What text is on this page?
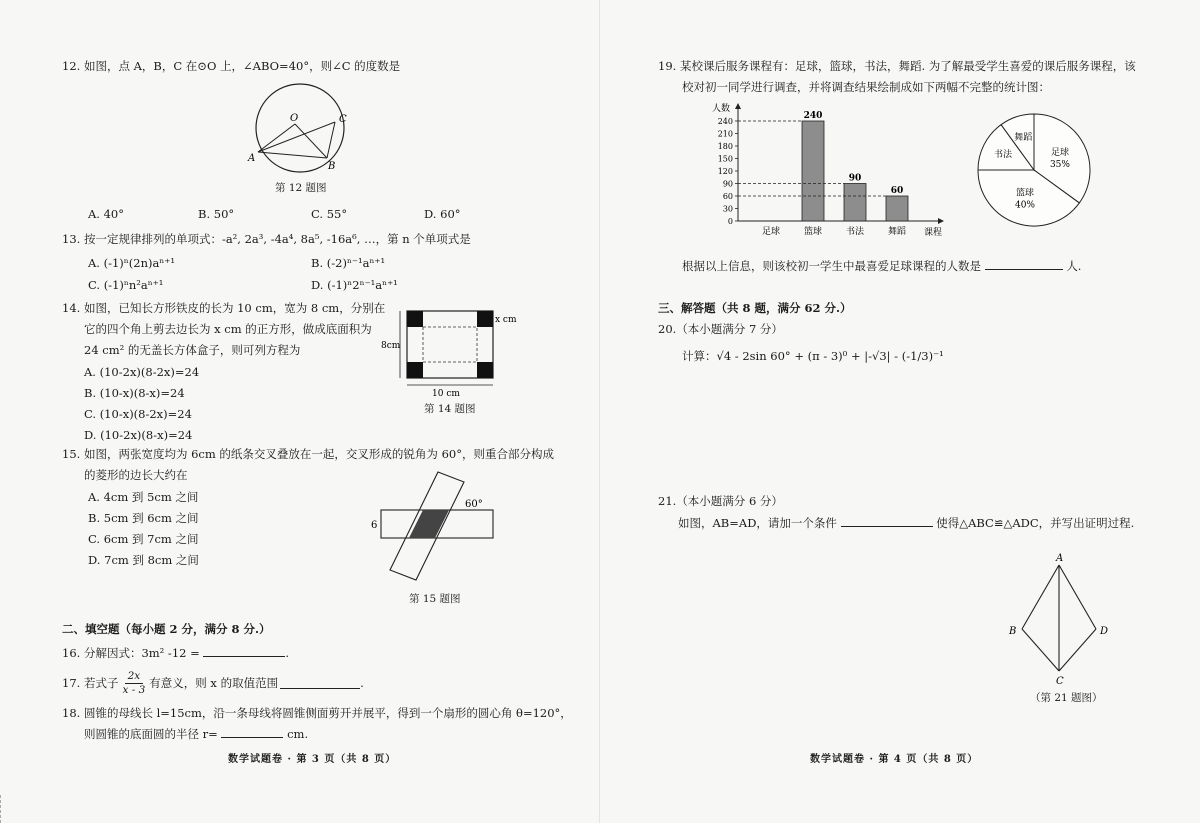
12. 如图，点 A，B，C 在⊙O 上，∠ABO=40°，则∠C 的度数是
O
A
B
C
第 12 题图
A. 40°	B. 50°	C. 55°	D. 60°
13. 按一定规律排列的单项式：-a², 2a³, -4a⁴, 8a⁵, -16a⁶, …，第 n 个单项式是
A. (-1)ⁿ(2n)aⁿ⁺¹	B. (-2)ⁿ⁻¹aⁿ⁺¹
C. (-1)ⁿn²aⁿ⁺¹	D. (-1)ⁿ2ⁿ⁻¹aⁿ⁺¹
14. 如图，已知长方形铁皮的长为 10 cm，宽为 8 cm，分别在
它的四个角上剪去边长为 x cm 的正方形，做成底面积为
24 cm² 的无盖长方体盒子，则可列方程为
A. (10-2x)(8-2x)=24
B. (10-x)(8-x)=24
C. (10-x)(8-2x)=24
D. (10-2x)(8-x)=24
8cm
10 cm
x cm
第 14 题图
15. 如图，两张宽度均为 6cm 的纸条交叉叠放在一起，交叉形成的锐角为 60°，则重合部分构成
的菱形的边长大约在
A. 4cm 到 5cm 之间
B. 5cm 到 6cm 之间
C. 6cm 到 7cm 之间
D. 7cm 到 8cm 之间
60°
6
第 15 题图
二、填空题（每小题 2 分，满分 8 分.）
16. 分解因式：3m² -12 =	.
17. 若式子 $\frac{2x}{x - 3}$ 有意义，则 x 的取值范围	.
18. 圆锥的母线长 l=15cm，沿一条母线将圆锥侧面剪开并展平，得到一个扇形的圆心角 θ=120°，
则圆锥的底面圆的半径 r=	cm.
数学试题卷 · 第 3 页（共 8 页）
19. 某校课后服务课程有：足球，篮球，书法，舞蹈. 为了解最受学生喜爱的课后服务课程，该
校对初一同学进行调查，并将调查结果绘制成如下两幅不完整的统计图：
人数
课程
0
30
60
90
120
150
180
210
240
足球	篮球
240
书法
90
舞蹈
60
足球
35%
篮球
40%
书法
舞蹈
根据以上信息，则该校初一学生中最喜爱足球课程的人数是	人.
三、解答题（共 8 题，满分 62 分.）
20.（本小题满分 7 分）
计算：√4 - 2sin 60° + (π - 3)⁰ + |-√3| - (-1/3)⁻¹
21.（本小题满分 6 分）
如图，AB=AD，请加一个条件	使得△ABC≌△ADC，并写出证明过程.
A
B	D
C
（第 21 题图）
数学试题卷 · 第 4 页（共 8 页）
